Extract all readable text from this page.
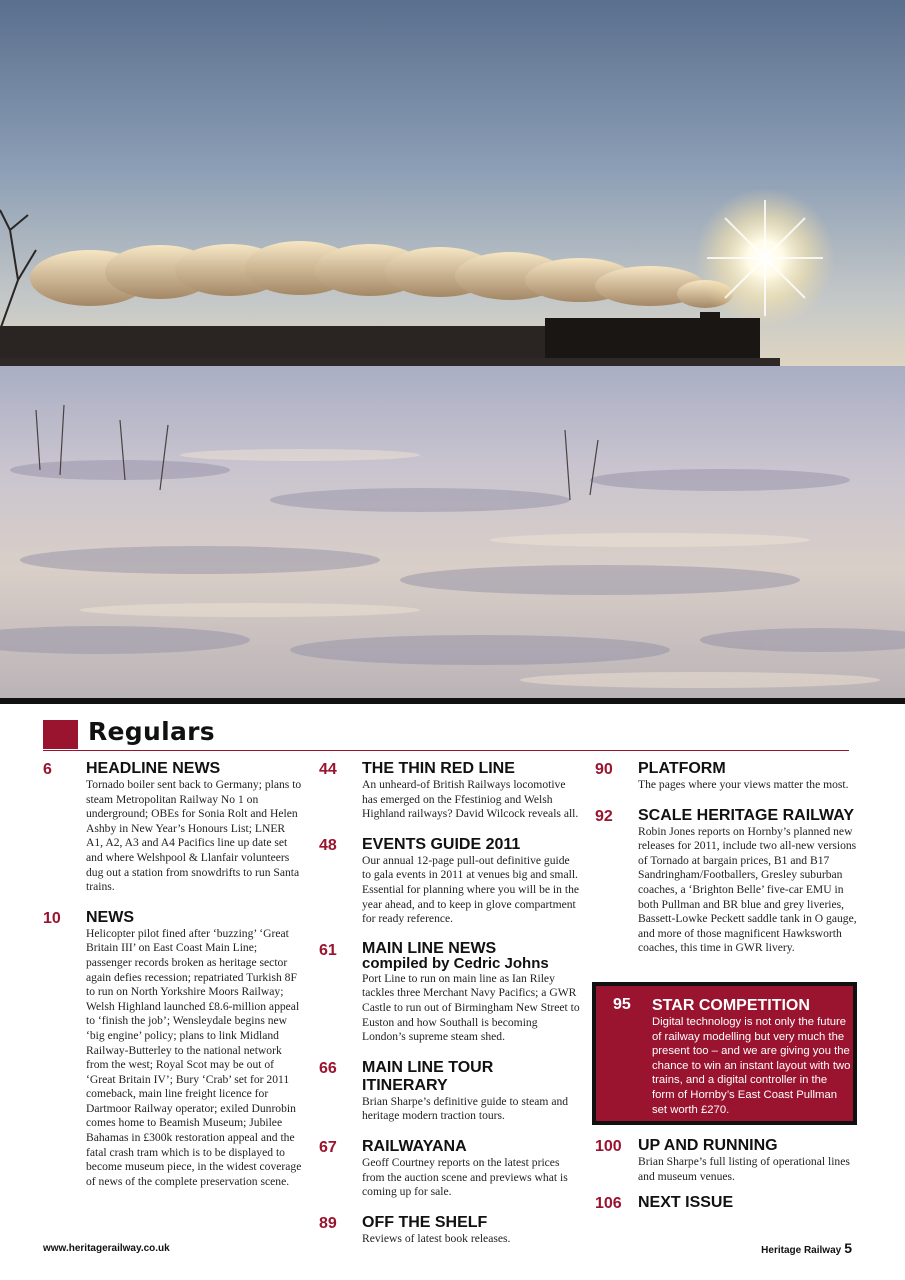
Regulars
6 HEADLINE NEWS

Tornado boiler sent back to Germany; plans to steam Metropolitan Railway No 1 on underground; OBEs for Sonia Rolt and Helen Ashby in New Year’s Honours List; LNER A1, A2, A3 and A4 Pacifics line up date set and where Welshpool & Llanfair volunteers dug out a station from snowdrifts to run Santa trains.

10 NEWS

Helicopter pilot fined after ‘buzzing’ ‘Great Britain III’ on East Coast Main Line; passenger records broken as heritage sector again defies recession; repatriated Turkish 8F to run on North Yorkshire Moors Railway; Welsh Highland launched £8.6-million appeal to ‘finish the job’; Wensleydale begins new ‘big engine’ policy; plans to link Midland Railway-Butterley to the national network from the west; Royal Scot may be out of ‘Great Britain IV’; Bury ‘Crab’ set for 2011 comeback, main line freight licence for Dartmoor Railway operator; exiled Dunrobin comes home to Beamish Museum; Jubilee Bahamas in £300k restoration appeal and the fatal crash tram which is to be displayed to become museum piece, in the widest coverage of news of the complete preservation scene.

44 THE THIN RED LINE

An unheard-of British Railways locomotive has emerged on the Ffestiniog and Welsh Highland railways? David Wilcock reveals all.

48 EVENTS GUIDE 2011

Our annual 12-page pull-out definitive guide to gala events in 2011 at venues big and small. Essential for planning where you will be in the year ahead, and to keep in glove compartment for ready reference.

61 MAIN LINE NEWS
compiled by Cedric Johns

Port Line to run on main line as Ian Riley tackles three Merchant Navy Pacifics; a GWR Castle to run out of Birmingham New Street to Euston and how Southall is becoming London’s supreme steam shed.

66 MAIN LINE TOUR ITINERARY

Brian Sharpe’s definitive guide to steam and heritage modern traction tours.

67 RAILWAYANA

Geoff Courtney reports on the latest prices from the auction scene and previews what is coming up for sale.

89 OFF THE SHELF

Reviews of latest book releases.

90 PLATFORM

The pages where your views matter the most.

92 SCALE HERITAGE RAILWAY

Robin Jones reports on Hornby’s planned new releases for 2011, include two all-new versions of Tornado at bargain prices, B1 and B17 Sandringham/Footballers, Gresley suburban coaches, a ‘Brighton Belle’ five-car EMU in both Pullman and BR blue and grey liveries, Bassett-Lowke Peckett saddle tank in O gauge, and more of those magnificent Hawksworth coaches, this time in GWR livery.

95 STAR COMPETITION

Digital technology is not only the future of railway modelling but very much the present too – and we are giving you the chance to win an instant layout with two trains, and a digital controller in the form of Hornby’s East Coast Pullman set worth £270.

100 UP AND RUNNING

Brian Sharpe’s full listing of operational lines and museum venues.

106 NEXT ISSUE
www.heritagerailway.co.uk	Heritage Railway 5
